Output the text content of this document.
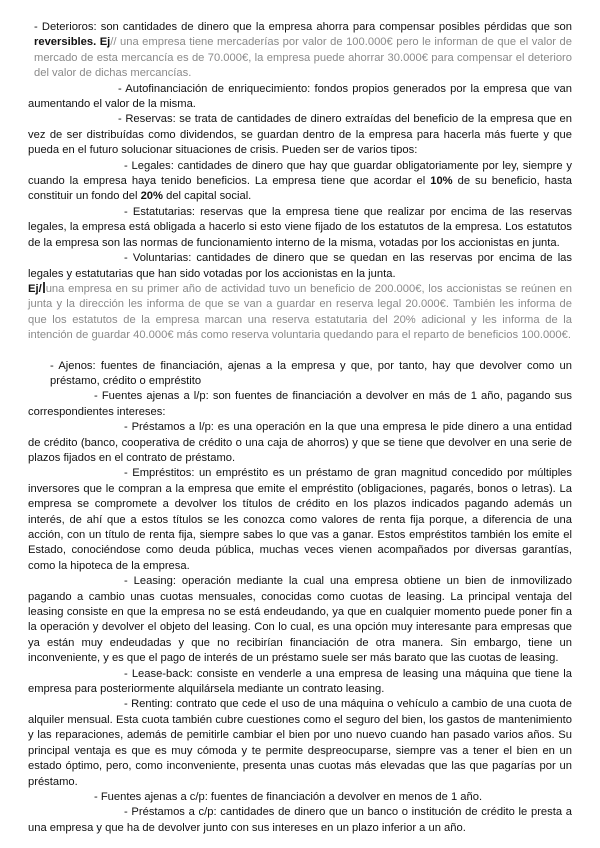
- Deterioros: son cantidades de dinero que la empresa ahorra para compensar posibles pérdidas que son reversibles. Ej// una empresa tiene mercaderías por valor de 100.000€ pero le informan de que el valor de mercado de esta mercancía es de 70.000€, la empresa puede ahorrar 30.000€ para compensar el deterioro del valor de dichas mercancías.

- Autofinanciación de enriquecimiento: fondos propios generados por la empresa que van aumentando el valor de la misma.

- Reservas: se trata de cantidades de dinero extraídas del beneficio de la empresa que en vez de ser distribuídas como dividendos, se guardan dentro de la empresa para hacerla más fuerte y que pueda en el futuro solucionar situaciones de crisis. Pueden ser de varios tipos:

- Legales: cantidades de dinero que hay que guardar obligatoriamente por ley, siempre y cuando la empresa haya tenido beneficios. La empresa tiene que acordar el 10% de su beneficio, hasta constituir un fondo del 20% del capital social.

- Estatutarias: reservas que la empresa tiene que realizar por encima de las reservas legales, la empresa está obligada a hacerlo si esto viene fijado de los estatutos de la empresa. Los estatutos de la empresa son las normas de funcionamiento interno de la misma, votadas por los accionistas en junta.

- Voluntarias: cantidades de dinero que se quedan en las reservas por encima de las legales y estatutarias que han sido votadas por los accionistas en la junta.

Ej/ una empresa en su primer año de actividad tuvo un beneficio de 200.000€, los accionistas se reúnen en junta y la dirección les informa de que se van a guardar en reserva legal 20.000€. También les informa de que los estatutos de la empresa marcan una reserva estatutaria del 20% adicional y les informa de la intención de guardar 40.000€ más como reserva voluntaria quedando para el reparto de beneficios 100.000€.

- Ajenos: fuentes de financiación, ajenas a la empresa y que, por tanto, hay que devolver como un préstamo, crédito o empréstito

- Fuentes ajenas a l/p: son fuentes de financiación a devolver en más de 1 año, pagando sus correspondientes intereses:

- Préstamos a l/p: es una operación en la que una empresa le pide dinero a una entidad de crédito (banco, cooperativa de crédito o una caja de ahorros) y que se tiene que devolver en una serie de plazos fijados en el contrato de préstamo.

- Empréstitos: un empréstito es un préstamo de gran magnitud concedido por múltiples inversores que le compran a la empresa que emite el empréstito (obligaciones, pagarés, bonos o letras). La empresa se compromete a devolver los títulos de crédito en los plazos indicados pagando además un interés, de ahí que a estos títulos se les conozca como valores de renta fija porque, a diferencia de una acción, con un título de renta fija, siempre sabes lo que vas a ganar. Estos empréstitos también los emite el Estado, conociéndose como deuda pública, muchas veces vienen acompañados por diversas garantías, como la hipoteca de la empresa.

- Leasing: operación mediante la cual una empresa obtiene un bien de inmovilizado pagando a cambio unas cuotas mensuales, conocidas como cuotas de leasing. La principal ventaja del leasing consiste en que la empresa no se está endeudando, ya que en cualquier momento puede poner fin a la operación y devolver el objeto del leasing. Con lo cual, es una opción muy interesante para empresas que ya están muy endeudadas y que no recibirían financiación de otra manera. Sin embargo, tiene un inconveniente, y es que el pago de interés de un préstamo suele ser más barato que las cuotas de leasing.

- Lease-back: consiste en venderle a una empresa de leasing una máquina que tiene la empresa para posteriormente alquilársela mediante un contrato leasing.

- Renting: contrato que cede el uso de una máquina o vehículo a cambio de una cuota de alquiler mensual. Esta cuota también cubre cuestiones como el seguro del bien, los gastos de mantenimiento y las reparaciones, además de pemitirle cambiar el bien por uno nuevo cuando han pasado varios años. Su principal ventaja es que es muy cómoda y te permite despreocuparse, siempre vas a tener el bien en un estado óptimo, pero, como inconveniente, presenta unas cuotas más elevadas que las que pagarías por un préstamo.

- Fuentes ajenas a c/p: fuentes de financiación a devolver en menos de 1 año.

- Préstamos a c/p: cantidades de dinero que un banco o institución de crédito le presta a una empresa y que ha de devolver junto con sus intereses en un plazo inferior a un año.
